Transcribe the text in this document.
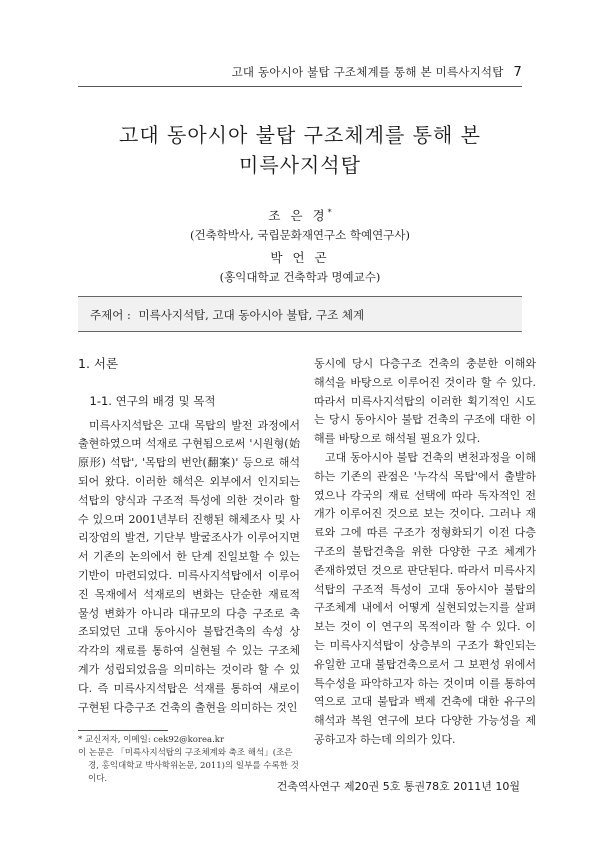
고대 동아시아 불탑 구조체계를 통해 본 미륵사지석탑 7
고대 동아시아 불탑 구조체계를 통해 본
미륵사지석탑
조 은 경*
(건축학박사, 국립문화재연구소 학예연구사)
박 언 곤
(홍익대학교 건축학과 명예교수)
주제어 : 미륵사지석탑, 고대 동아시아 불탑, 구조 체계
1. 서론
1-1. 연구의 배경 및 목적

미륵사지석탑은 고대 목탑의 발전 과정에서 출현하였으며 석재로 구현됨으로써 '시원형(始原形) 석탑', '목탑의 번안(翻案)' 등으로 해석되어 왔다. 이러한 해석은 외부에서 인지되는 석탑의 양식과 구조적 특성에 의한 것이라 할 수 있으며 2001년부터 진행된 해체조사 및 사리장엄의 발견, 기단부 발굴조사가 이루어지면서 기존의 논의에서 한 단계 진일보할 수 있는 기반이 마련되었다. 미륵사지석탑에서 이루어진 목재에서 석재로의 변화는 단순한 재료적 물성 변화가 아니라 대규모의 다층 구조로 축조되었던 고대 동아시아 불탑건축의 속성 상 각각의 재료를 통하여 실현될 수 있는 구조체계가 성립되었음을 의미하는 것이라 할 수 있다. 즉 미륵사지석탑은 석재를 통하여 새로이 구현된 다층구조 건축의 출현을 의미하는 것인

동시에 당시 다층구조 건축의 충분한 이해와 해석을 바탕으로 이루어진 것이라 할 수 있다. 따라서 미륵사지석탑의 이러한 획기적인 시도는 당시 동아시아 불탑 건축의 구조에 대한 이해를 바탕으로 해석될 필요가 있다.

고대 동아시아 불탑 건축의 변천과정을 이해하는 기존의 관점은 '누각식 목탑'에서 출발하였으나 각국의 재료 선택에 따라 독자적인 전개가 이루어진 것으로 보는 것이다. 그러나 재료와 그에 따른 구조가 정형화되기 이전 다층구조의 불탑건축을 위한 다양한 구조 체계가 존재하였던 것으로 판단된다. 따라서 미륵사지석탑의 구조적 특성이 고대 동아시아 불탑의 구조체계 내에서 어떻게 실현되었는지를 살펴보는 것이 이 연구의 목적이라 할 수 있다. 이는 미륵사지석탑이 상층부의 구조가 확인되는 유일한 고대 불탑건축으로서 그 보편성 위에서 특수성을 파악하고자 하는 것이며 이를 통하여 역으로 고대 불탑과 백제 건축에 대한 유구의 해석과 복원 연구에 보다 다양한 가능성을 제공하고자 하는데 의의가 있다.

* 교신저자, 이메일: cek92@korea.kr
이 논문은 「미륵사지석탑의 구조체계와 축조 해석」(조은경, 홍익대학교 박사학위논문, 2011)의 일부를 수록한 것이다.
건축역사연구 제20권 5호 통권78호 2011년 10월
